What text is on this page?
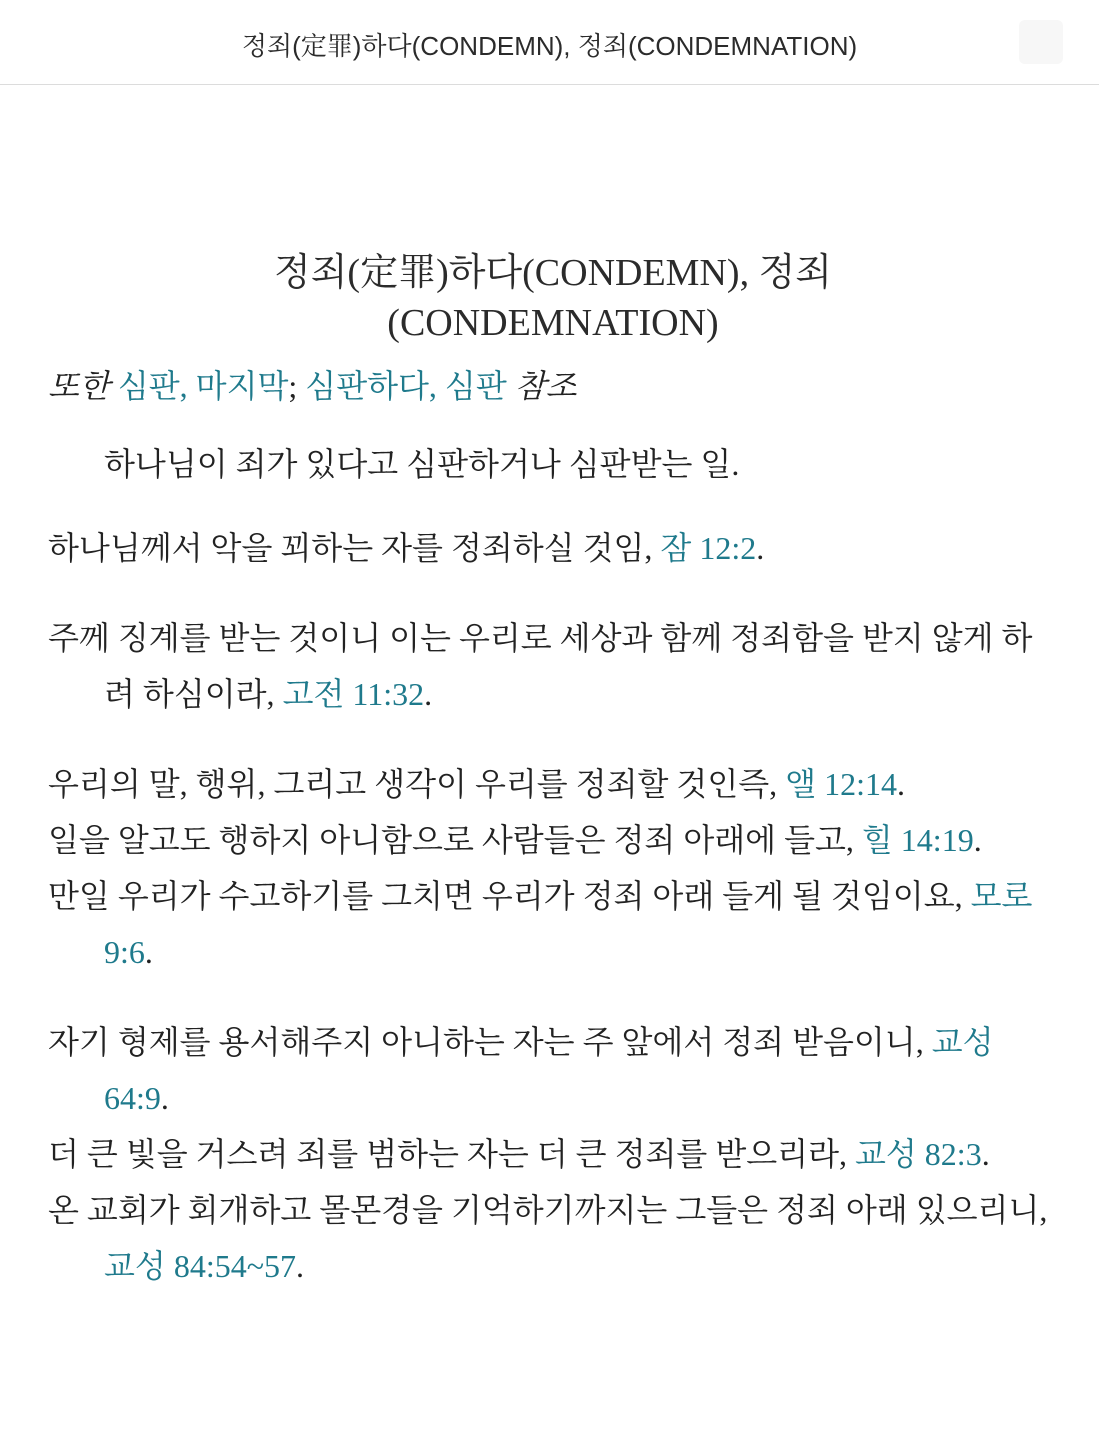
정죄(定罪)하다(CONDEMN), 정죄(CONDEMNATION)
정죄(定罪)하다(CONDEMN), 정죄
(CONDEMNATION)

또한 심판, 마지막; 심판하다, 심판 참조

하나님이 죄가 있다고 심판하거나 심판받는 일.

하나님께서 악을 꾀하는 자를 정죄하실 것임, 잠 12:2.

주께 징계를 받는 것이니 이는 우리로 세상과 함께 정죄함을 받지 않게 하려 하심이라, 고전 11:32.

우리의 말, 행위, 그리고 생각이 우리를 정죄할 것인즉, 앨 12:14.

일을 알고도 행하지 아니함으로 사람들은 정죄 아래에 들고, 힐 14:19.

만일 우리가 수고하기를 그치면 우리가 정죄 아래 들게 될 것임이요, 모로 9:6.

자기 형제를 용서해주지 아니하는 자는 주 앞에서 정죄 받음이니, 교성 64:9.

더 큰 빛을 거스려 죄를 범하는 자는 더 큰 정죄를 받으리라, 교성 82:3.

온 교회가 회개하고 몰몬경을 기억하기까지는 그들은 정죄 아래 있으리니, 교성 84:54~57.
